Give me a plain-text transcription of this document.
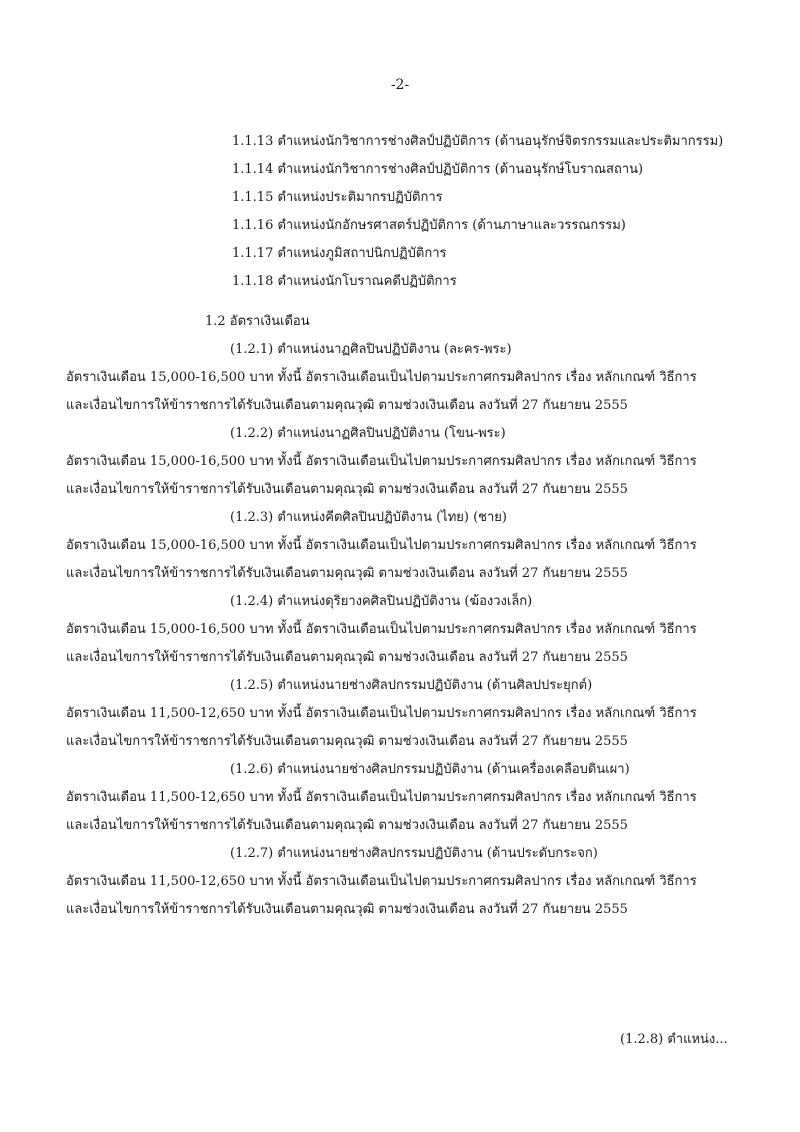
-2-
1.1.13 ตำแหน่งนักวิชาการช่างศิลป์ปฏิบัติการ (ด้านอนุรักษ์จิตรกรรมและประติมากรรม)
1.1.14 ตำแหน่งนักวิชาการช่างศิลป์ปฏิบัติการ (ด้านอนุรักษ์โบราณสถาน)
1.1.15 ตำแหน่งประติมากรปฏิบัติการ
1.1.16 ตำแหน่งนักอักษรศาสตร์ปฏิบัติการ (ด้านภาษาและวรรณกรรม)
1.1.17 ตำแหน่งภูมิสถาปนิกปฏิบัติการ
1.1.18 ตำแหน่งนักโบราณคดีปฏิบัติการ
1.2 อัตราเงินเดือน
(1.2.1) ตำแหน่งนาฏศิลปินปฏิบัติงาน (ละคร-พระ)
อัตราเงินเดือน 15,000-16,500 บาท ทั้งนี้ อัตราเงินเดือนเป็นไปตามประกาศกรมศิลปากร เรื่อง หลักเกณฑ์ วิธีการ
และเงื่อนไขการให้ข้าราชการได้รับเงินเดือนตามคุณวุฒิ ตามช่วงเงินเดือน ลงวันที่ 27 กันยายน 2555
(1.2.2) ตำแหน่งนาฏศิลปินปฏิบัติงาน (โขน-พระ)
อัตราเงินเดือน 15,000-16,500 บาท ทั้งนี้ อัตราเงินเดือนเป็นไปตามประกาศกรมศิลปากร เรื่อง หลักเกณฑ์ วิธีการ
และเงื่อนไขการให้ข้าราชการได้รับเงินเดือนตามคุณวุฒิ ตามช่วงเงินเดือน ลงวันที่ 27 กันยายน 2555
(1.2.3) ตำแหน่งคีตศิลปินปฏิบัติงาน (ไทย) (ชาย)
อัตราเงินเดือน 15,000-16,500 บาท ทั้งนี้ อัตราเงินเดือนเป็นไปตามประกาศกรมศิลปากร เรื่อง หลักเกณฑ์ วิธีการ
และเงื่อนไขการให้ข้าราชการได้รับเงินเดือนตามคุณวุฒิ ตามช่วงเงินเดือน ลงวันที่ 27 กันยายน 2555
(1.2.4) ตำแหน่งดุริยางคศิลปินปฏิบัติงาน (ฆ้องวงเล็ก)
อัตราเงินเดือน 15,000-16,500 บาท ทั้งนี้ อัตราเงินเดือนเป็นไปตามประกาศกรมศิลปากร เรื่อง หลักเกณฑ์ วิธีการ
และเงื่อนไขการให้ข้าราชการได้รับเงินเดือนตามคุณวุฒิ ตามช่วงเงินเดือน ลงวันที่ 27 กันยายน 2555
(1.2.5) ตำแหน่งนายช่างศิลปกรรมปฏิบัติงาน (ด้านศิลปประยุกต์)
อัตราเงินเดือน 11,500-12,650 บาท ทั้งนี้ อัตราเงินเดือนเป็นไปตามประกาศกรมศิลปากร เรื่อง หลักเกณฑ์ วิธีการ
และเงื่อนไขการให้ข้าราชการได้รับเงินเดือนตามคุณวุฒิ ตามช่วงเงินเดือน ลงวันที่ 27 กันยายน 2555
(1.2.6) ตำแหน่งนายช่างศิลปกรรมปฏิบัติงาน (ด้านเครื่องเคลือบดินเผา)
อัตราเงินเดือน 11,500-12,650 บาท ทั้งนี้ อัตราเงินเดือนเป็นไปตามประกาศกรมศิลปากร เรื่อง หลักเกณฑ์ วิธีการ
และเงื่อนไขการให้ข้าราชการได้รับเงินเดือนตามคุณวุฒิ ตามช่วงเงินเดือน ลงวันที่ 27 กันยายน 2555
(1.2.7) ตำแหน่งนายช่างศิลปกรรมปฏิบัติงาน (ด้านประดับกระจก)
อัตราเงินเดือน 11,500-12,650 บาท ทั้งนี้ อัตราเงินเดือนเป็นไปตามประกาศกรมศิลปากร เรื่อง หลักเกณฑ์ วิธีการ
และเงื่อนไขการให้ข้าราชการได้รับเงินเดือนตามคุณวุฒิ ตามช่วงเงินเดือน ลงวันที่ 27 กันยายน 2555
(1.2.8) ตำแหน่ง...
